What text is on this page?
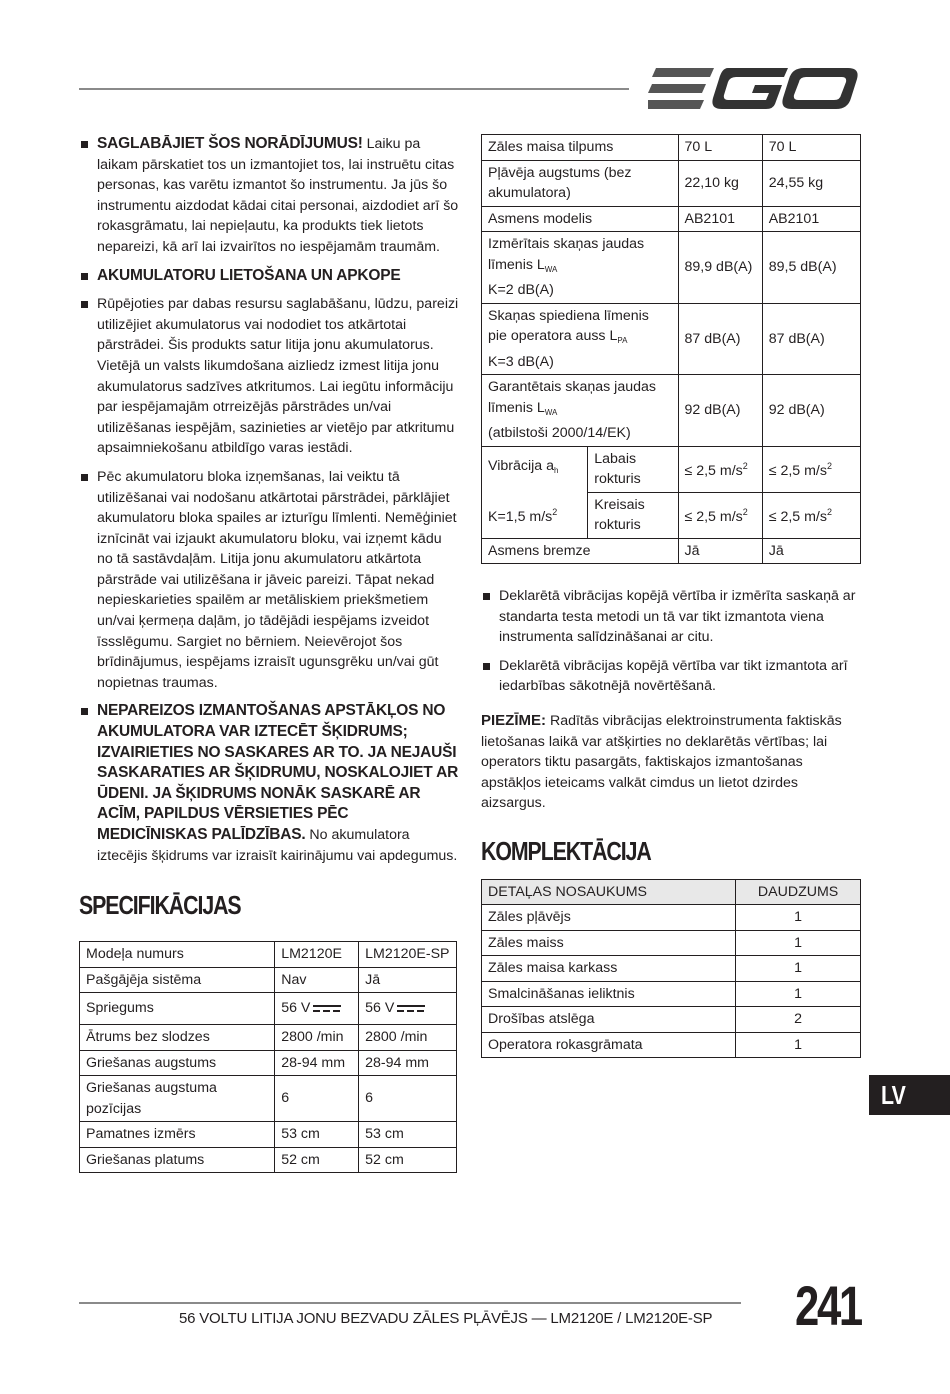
SAGLABĀJIET ŠOS NORĀDĪJUMUS! Laiku pa laikam pārskatiet tos un izmantojiet tos, lai instruētu citas personas, kas varētu izmantot šo instrumentu. Ja jūs šo instrumentu aizdodat kādai citai personai, aizdodiet arī šo rokasgrāmatu, lai nepieļautu, ka produkts tiek lietots nepareizi, kā arī lai izvairītos no iespējamām traumām.
AKUMULATORU LIETOŠANA UN APKOPE
Rūpējoties par dabas resursu saglabāšanu, lūdzu, pareizi utilizējiet akumulatorus vai nododiet tos atkārtotai pārstrādei. Šis produkts satur litija jonu akumulatorus. Vietējā un valsts likumdošana aizliedz izmest litija jonu akumulatorus sadzīves atkritumos. Lai iegūtu informāciju par iespējamajām otrreizējās pārstrādes un/vai utilizēšanas iespējām, sazinieties ar vietējo par atkritumu apsaimniekošanu atbildīgo varas iestādi.
Pēc akumulatoru bloka izņemšanas, lai veiktu tā utilizēšanai vai nodošanu atkārtotai pārstrādei, pārklājiet akumulatoru bloka spailes ar izturīgu līmlenti. Nemēģiniet iznīcināt vai izjaukt akumulatoru bloku, vai izņemt kādu no tā sastāvdaļām. Litija jonu akumulatoru atkārtota pārstrāde vai utilizēšana ir jāveic pareizi. Tāpat nekad nepieskarieties spailēm ar metāliskiem priekšmetiem un/vai ķermeņa daļām, jo tādējādi iespējams izveidot īssslēgumu. Sargiet no bērniem. Neievērojot šos brīdinājumus, iespējams izraisīt ugunsgrēku un/vai gūt nopietnas traumas.
NEPAREIZOS IZMANTOŠANAS APSTĀKĻOS NO AKUMULATORA VAR IZTECĒT ŠĶIDRUMS; IZVAIRIETIES NO SASKARES AR TO. JA NEJAUŠI SASKARATIES AR ŠĶIDRUMU, NOSKALOJIET AR ŪDENI. JA ŠĶIDRUMS NONĀK SASKARĒ AR ACĪM, PAPILDUS VĒRSIETIES PĒC MEDICĪNISKAS PALĪDZĪBAS. No akumulatora iztecējis šķidrums var izraisīt kairinājumu vai apdegumus.
SPECIFIKĀCIJAS
Modeļa numurs	LM2120E	LM2120E-SP
Pašgājēja sistēma	Nav	Jā
Spriegums	56 V	56 V

Ātrums bez slodzes	2800 /min	2800 /min
Griešanas augstums	28-94 mm	28-94 mm
Griešanas augstuma pozīcijas	6	6
Pamatnes izmērs	53 cm	53 cm
Griešanas platums	52 cm	52 cm
Zāles maisa tilpums		70 L	70 L
Pļāvēja augstums (bez akumulatora)		22,10 kg	24,55 kg
Asmens modelis		AB2101	AB2101
Izmērītais skaņas jaudas līmenis $L_{WA}$
K=2 dB(A)		89,9 dB(A)	89,5 dB(A)
Skaņas spiediena līmenis pie operatora auss $L_{PA}$
K=3 dB(A)		87 dB(A)	87 dB(A)
Garantētais skaņas jaudas līmenis $L_{WA}$
(atbilstoši 2000/14/EK)		92 dB(A)	92 dB(A)
Vibrācija $a_h$

K=1,5 $m/s^2$	Labais rokturis	≤ 2,5 $m/s^2$	≤ 2,5 $m/s^2$
	Kreisais rokturis	≤ 2,5 $m/s^2$	≤ 2,5 $m/s^2$
Asmens bremze		Jā	Jā
Deklarētā vibrācijas kopējā vērtība ir izmērīta saskaņā ar standarta testa metodi un tā var tikt izmantota viena instrumenta salīdzināšanai ar citu.
Deklarētā vibrācijas kopējā vērtība var tikt izmantota arī iedarbības sākotnējā novērtēšanā.
PIEZĪME: Radītās vibrācijas elektroinstrumenta faktiskās lietošanas laikā var atšķirties no deklarētās vērtības; lai operators tiktu pasargāts, faktiskajos izmantošanas apstākļos ieteicams valkāt cimdus un lietot dzirdes aizsargus.
KOMPLEKTĀCIJA
DETAĻAS NOSAUKUMS	DAUDZUMS
Zāles pļāvējs	1
Zāles maiss	1
Zāles maisa karkass	1
Smalcināšanas ieliktnis	1
Drošības atslēga	2
Operatora rokasgrāmata	1
LV
56 VOLTU LITIJA JONU BEZVADU ZĀLES PĻĀVĒJS — LM2120E / LM2120E-SP 241
